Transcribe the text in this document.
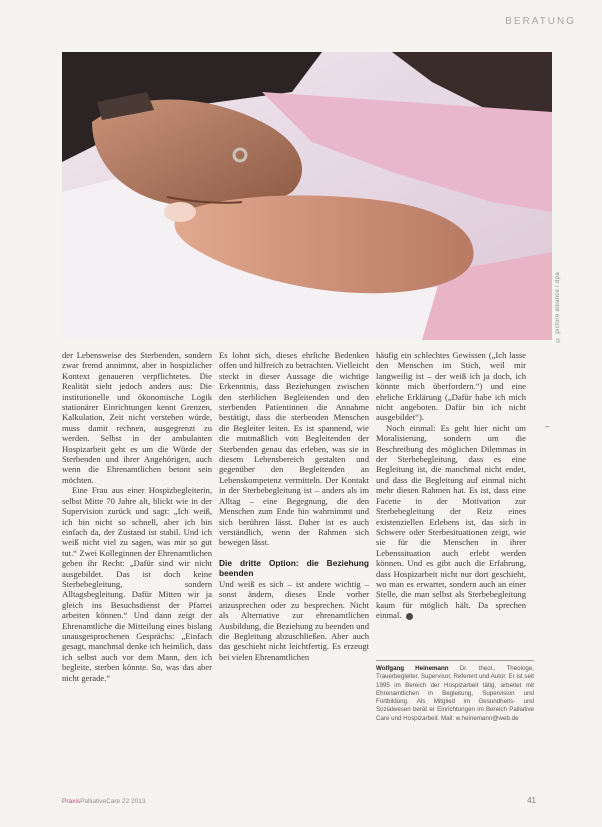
BERATUNG
© picture alliance / dpa

der Lebensweise des Sterbenden, sondern zwar fremd annimmt, aber in hospizlicher Kontext genaueren verpflichtetes. Die Realität sieht jedoch anders aus: Die institutionelle und ökonomische Logik stationärer Einrichtungen kennt Grenzen, Kalkulation, Zeit nicht verstehen würde, muss damit rechnen, ausgegrenzt zu werden. Selbst in der ambulanten Hospizarbeit geht es um die Würde der Sterbenden und ihrer Angehörigen, auch wenn die Ehrenamtlichen betont sein möchten.

Eine Frau aus einer Hospizbegleiterin, selbst Mitte 70 Jahre alt, blickt wie in der Supervision zurück und sagt: „Ich weiß, ich bin nicht so schnell, aber ich bin einfach da, der Zustand ist stabil. Und ich weiß nicht viel zu sagen, was mir so gut tut.“ Zwei Kolleginnen der Ehrenamtlichen geben ihr Recht: „Dafür sind wir nicht ausgebildet. Das ist doch keine Sterbebegleitung, sondern Alltagsbegleitung. Dafür Mitten wir ja gleich ins Besuchsdienst der Pfarrei arbeiten können.“ Und dann zeigt der Ehrenamtliche die Mitteilung eines bislang unausgesprochenen Gesprächs: „Einfach gesagt, manchmal denke ich heimlich, dass ich selbst auch vor dem Mann, den ich begleite, sterben könnte. So, was das aber nicht gerade.“

Es lohnt sich, dieses ehrliche Bedenken offen und hilfreich zu betrachten. Vielleicht steckt in dieser Aussage die wichtige Erkenntnis, dass Beziehungen zwischen den sterblichen Begleitenden und den sterbenden Patientinnen die Annahme bestätigt, dass die sterbenden Menschen die Begleiter leiten. Es ist spannend, wie die mutmaßlich von Begleitenden der Sterbenden genau das erleben, was sie in diesem Lebensbereich gestalten und gegenüber den Begleitenden an Lebenskompetenz vermitteln. Der Kontakt in der Sterbebegleitung ist – anders als im Alltag – eine Begegnung, die den Menschen zum Ende hin wahrnimmt und sich berühren lässt. Daher ist es auch verständlich, wenn der Rahmen sich bewegen lässt.

Die dritte Option: die Beziehung beenden

Und weiß es sich – ist andere wichtig – sonst ändern, dieses Ende vorher anzusprechen oder zu besprechen. Nicht als Alternative zur ehrenamtlichen Ausbildung, die Beziehung zu beenden und die Begleitung abzuschließen. Aber auch das geschieht nicht leichtfertig. Es erzeugt bei vielen Ehrenamtlichen

häufig ein schlechtes Gewissen („Ich lasse den Menschen im Stich, weil mir langweilig ist – der weiß ich ja doch, ich könnte mich überfordern.“) und eine ehrliche Erklärung („Dafür habe ich mich nicht angeboten. Dafür bin ich nicht ausgebildet“).

Noch einmal: Es geht hier nicht um Moralisierung, sondern um die Beschreibung des möglichen Dilemmas in der Sterbebegleitung, dass es eine Begleitung ist, die manchmal nicht endet, und dass die Begleitung auf einmal nicht mehr diesen Rahmen hat. Es ist, dass eine Facette in der Motivation zur Sterbebegleitung der Reiz eines existenziellen Erlebens ist, das sich in Schwere oder Sterbesituationen zeigt, wie sie für die Menschen in ihrer Lebenssituation auch erlebt werden können. Und es gibt auch die Erfahrung, dass Hospizarbeit nicht nur dort geschieht, wo man es erwartet, sondern auch an einer Stelle, die man selbst als Sterbebegleitung kaum für möglich hält. Da sprechen einmal.

–
Wolfgang Heinemann Dr. theol., Theologe, Trauerbegleiter, Supervisor, Referent und Autor. Er ist seit 1995 im Bereich der Hospizarbeit tätig, arbeitet mit Ehrenamtlichen in Begleitung, Supervision und Fortbildung. Als Mitglied im Gesundheits- und Sozialwesen berät er Einrichtungen im Bereich Palliative Care und Hospizarbeit. Mail: w.heinemann@web.de
PraxisPalliativeCare 22 2013	41
